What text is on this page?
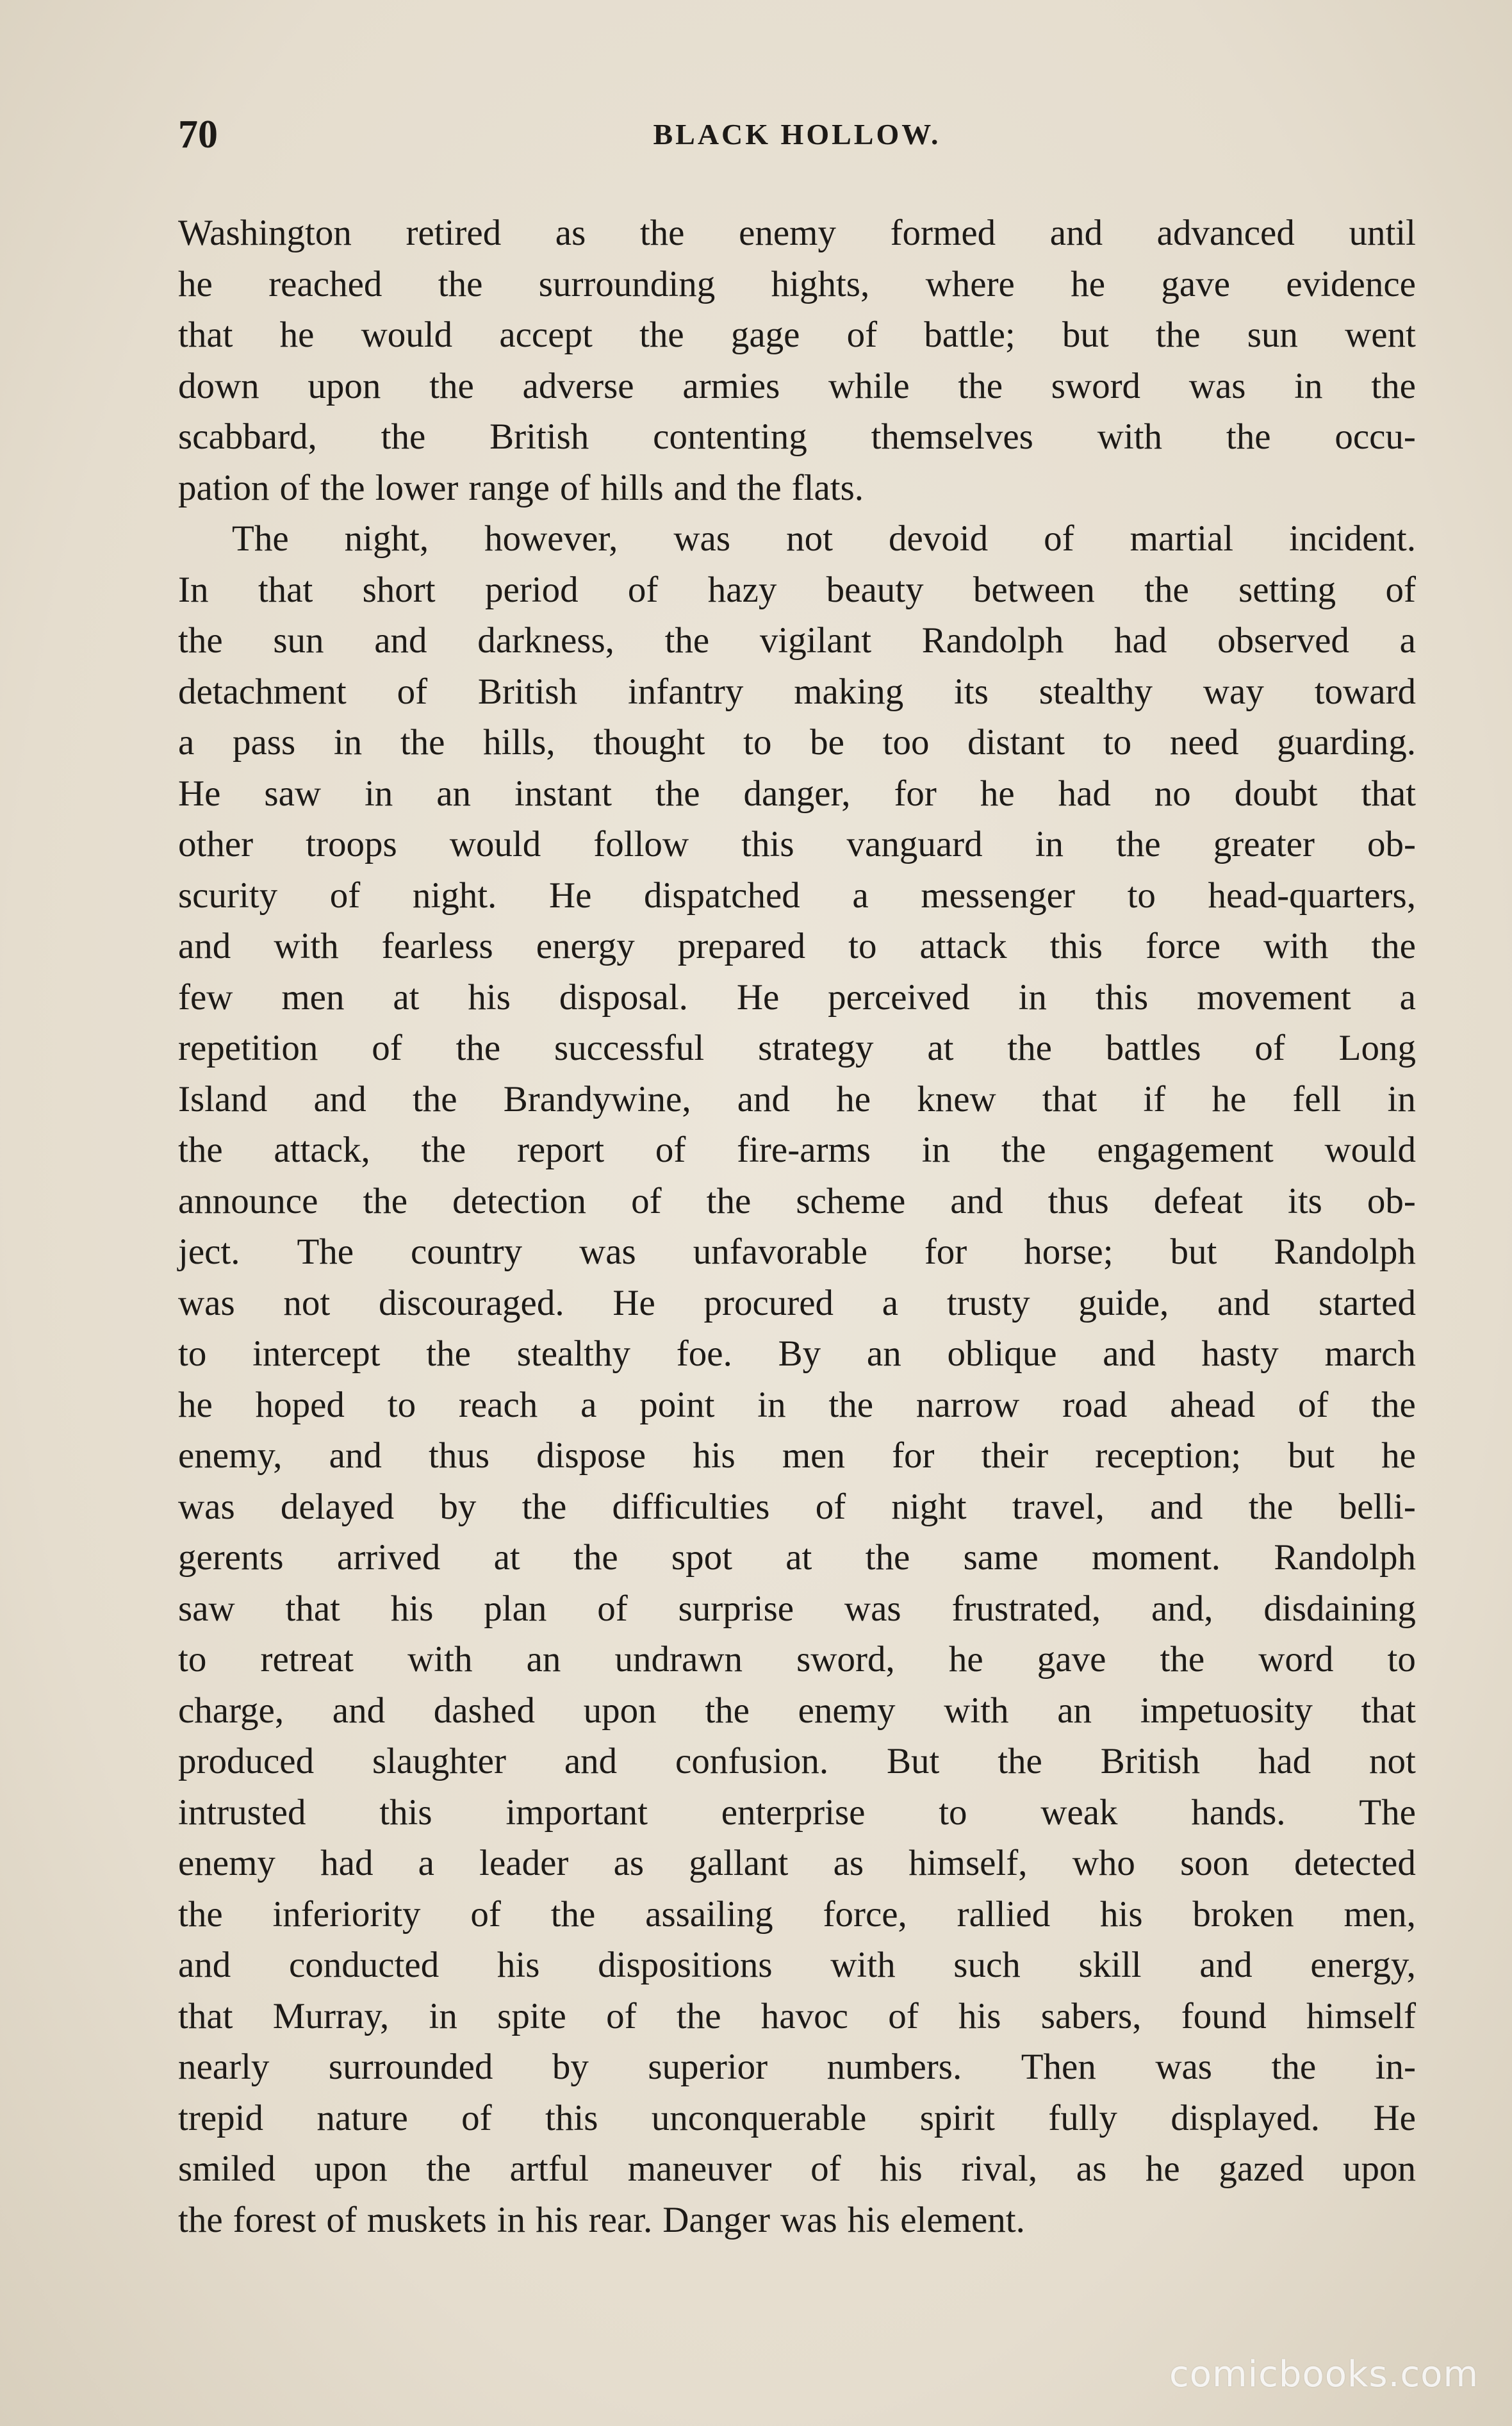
70	BLACK HOLLOW.
Washington retired as the enemy formed and advanced until
he reached the surrounding hights, where he gave evidence
that he would accept the gage of battle; but the sun went
down upon the adverse armies while the sword was in the
scabbard, the British contenting themselves with the occu-
pation of the lower range of hills and the flats.
The night, however, was not devoid of martial incident.
In that short period of hazy beauty between the setting of
the sun and darkness, the vigilant Randolph had observed a
detachment of British infantry making its stealthy way toward
a pass in the hills, thought to be too distant to need guarding.
He saw in an instant the danger, for he had no doubt that
other troops would follow this vanguard in the greater ob-
scurity of night. He dispatched a messenger to head-quarters,
and with fearless energy prepared to attack this force with the
few men at his disposal. He perceived in this movement a
repetition of the successful strategy at the battles of Long
Island and the Brandywine, and he knew that if he fell in
the attack, the report of fire-arms in the engagement would
announce the detection of the scheme and thus defeat its ob-
ject. The country was unfavorable for horse; but Randolph
was not discouraged. He procured a trusty guide, and started
to intercept the stealthy foe. By an oblique and hasty march
he hoped to reach a point in the narrow road ahead of the
enemy, and thus dispose his men for their reception; but he
was delayed by the difficulties of night travel, and the belli-
gerents arrived at the spot at the same moment. Randolph
saw that his plan of surprise was frustrated, and, disdaining
to retreat with an undrawn sword, he gave the word to
charge, and dashed upon the enemy with an impetuosity that
produced slaughter and confusion. But the British had not
intrusted this important enterprise to weak hands. The
enemy had a leader as gallant as himself, who soon detected
the inferiority of the assailing force, rallied his broken men,
and conducted his dispositions with such skill and energy,
that Murray, in spite of the havoc of his sabers, found himself
nearly surrounded by superior numbers. Then was the in-
trepid nature of this unconquerable spirit fully displayed. He
smiled upon the artful maneuver of his rival, as he gazed upon
the forest of muskets in his rear. Danger was his element.
comicbooks.com
